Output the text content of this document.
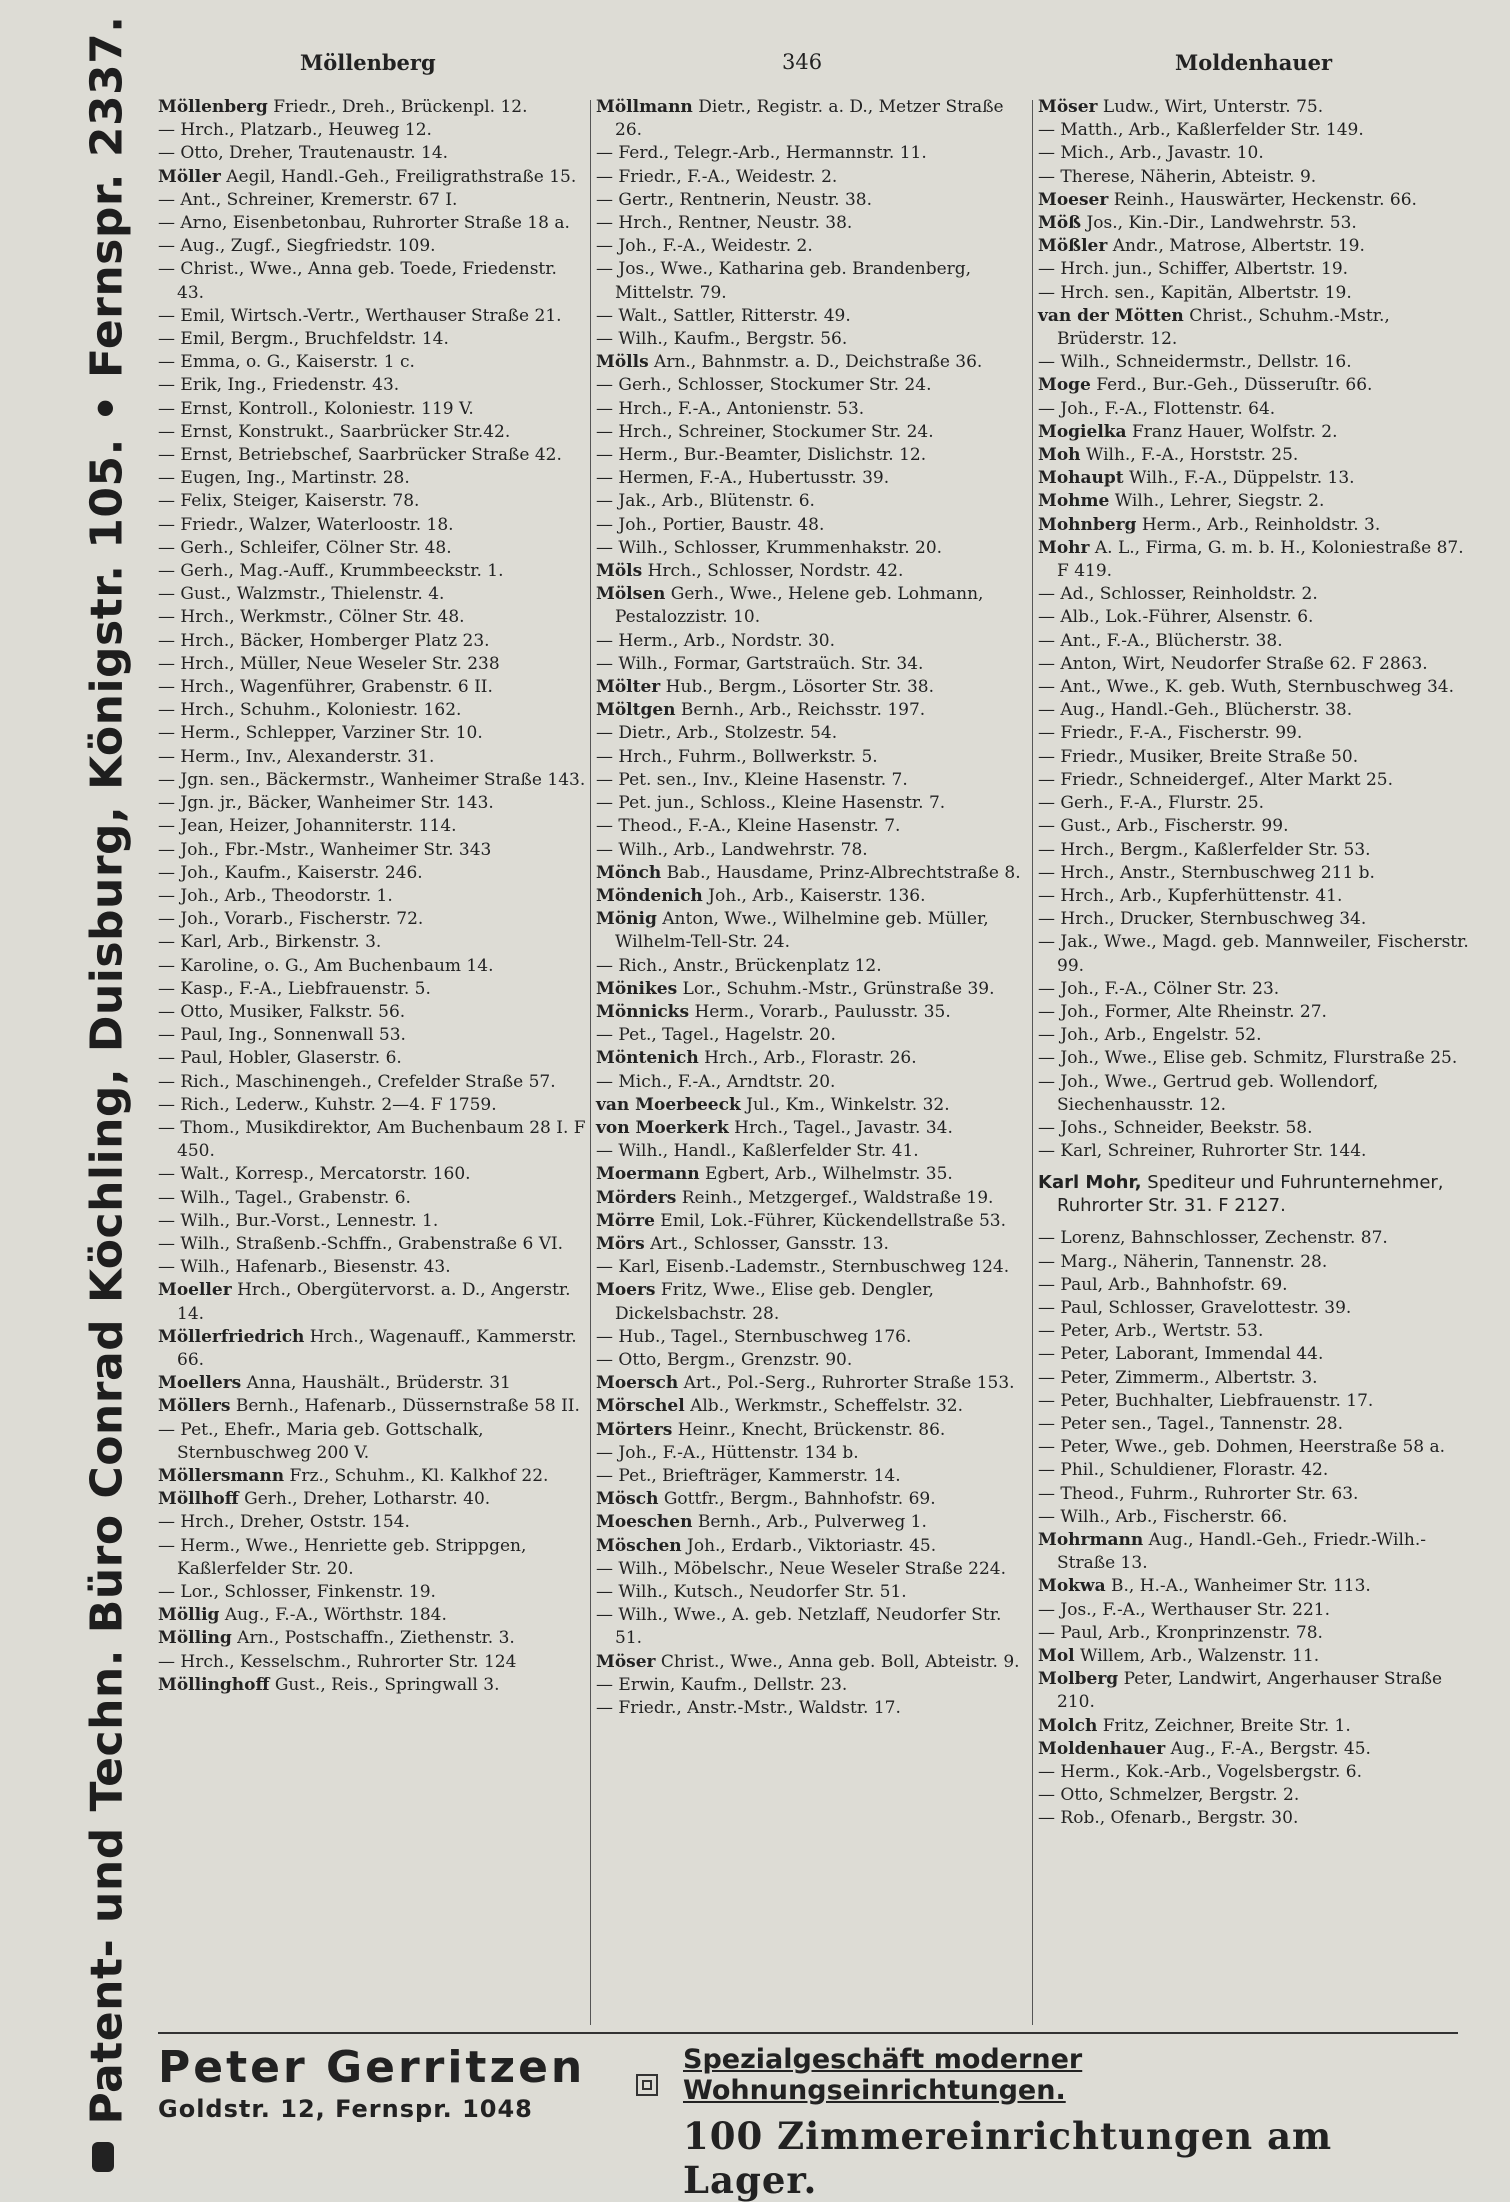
Patent- und Techn. Büro Conrad Köchling, Duisburg, Königstr. 105. • Fernspr. 2337.	Möllenberg	346	Moldenhauer
Möllenberg Friedr., Dreh., Brückenpl. 12.
— Hrch., Platzarb., Heuweg 12.
— Otto, Dreher, Trautenaustr. 14.
Möller Aegil, Handl.-Geh., Freiligrathstraße 15.
— Ant., Schreiner, Kremerstr. 67 I.
— Arno, Eisenbetonbau, Ruhrorter Straße 18 a.
— Aug., Zugf., Siegfriedstr. 109.
— Christ., Wwe., Anna geb. Toede, Friedenstr. 43.
— Emil, Wirtsch.-Vertr., Werthauser Straße 21.
— Emil, Bergm., Bruchfeldstr. 14.
— Emma, o. G., Kaiserstr. 1 c.
— Erik, Ing., Friedenstr. 43.
— Ernst, Kontroll., Koloniestr. 119 V.
— Ernst, Konstrukt., Saarbrücker Str.42.
— Ernst, Betriebschef, Saarbrücker Straße 42.
— Eugen, Ing., Martinstr. 28.
— Felix, Steiger, Kaiserstr. 78.
— Friedr., Walzer, Waterloostr. 18.
— Gerh., Schleifer, Cölner Str. 48.
— Gerh., Mag.-Auff., Krummbeeckstr. 1.
— Gust., Walzmstr., Thielenstr. 4.
— Hrch., Werkmstr., Cölner Str. 48.
— Hrch., Bäcker, Homberger Platz 23.
— Hrch., Müller, Neue Weseler Str. 238
— Hrch., Wagenführer, Grabenstr. 6 II.
— Hrch., Schuhm., Koloniestr. 162.
— Herm., Schlepper, Varziner Str. 10.
— Herm., Inv., Alexanderstr. 31.
— Jgn. sen., Bäckermstr., Wanheimer Straße 143.
— Jgn. jr., Bäcker, Wanheimer Str. 143.
— Jean, Heizer, Johanniterstr. 114.
— Joh., Fbr.-Mstr., Wanheimer Str. 343
— Joh., Kaufm., Kaiserstr. 246.
— Joh., Arb., Theodorstr. 1.
— Joh., Vorarb., Fischerstr. 72.
— Karl, Arb., Birkenstr. 3.
— Karoline, o. G., Am Buchenbaum 14.
— Kasp., F.-A., Liebfrauenstr. 5.
— Otto, Musiker, Falkstr. 56.
— Paul, Ing., Sonnenwall 53.
— Paul, Hobler, Glaserstr. 6.
— Rich., Maschinengeh., Crefelder Straße 57.
— Rich., Lederw., Kuhstr. 2—4. F 1759.
— Thom., Musikdirektor, Am Buchenbaum 28 I. F 450.
— Walt., Korresp., Mercatorstr. 160.
— Wilh., Tagel., Grabenstr. 6.
— Wilh., Bur.-Vorst., Lennestr. 1.
— Wilh., Straßenb.-Schffn., Grabenstraße 6 VI.
— Wilh., Hafenarb., Biesenstr. 43.
Moeller Hrch., Obergütervorst. a. D., Angerstr. 14.
Möllerfriedrich Hrch., Wagenauff., Kammerstr. 66.
Moellers Anna, Haushält., Brüderstr. 31
Möllers Bernh., Hafenarb., Düssernstraße 58 II.
— Pet., Ehefr., Maria geb. Gottschalk, Sternbuschweg 200 V.
Möllersmann Frz., Schuhm., Kl. Kalkhof 22.
Möllhoff Gerh., Dreher, Lotharstr. 40.
— Hrch., Dreher, Oststr. 154.
— Herm., Wwe., Henriette geb. Strippgen, Kaßlerfelder Str. 20.
— Lor., Schlosser, Finkenstr. 19.
Möllig Aug., F.-A., Wörthstr. 184.
Mölling Arn., Postschaffn., Ziethenstr. 3.
— Hrch., Kesselschm., Ruhrorter Str. 124
Möllinghoff Gust., Reis., Springwall 3.
Möllmann Dietr., Registr. a. D., Metzer Straße 26.
— Ferd., Telegr.-Arb., Hermannstr. 11.
— Friedr., F.-A., Weidestr. 2.
— Gertr., Rentnerin, Neustr. 38.
— Hrch., Rentner, Neustr. 38.
— Joh., F.-A., Weidestr. 2.
— Jos., Wwe., Katharina geb. Brandenberg, Mittelstr. 79.
— Walt., Sattler, Ritterstr. 49.
— Wilh., Kaufm., Bergstr. 56.
Mölls Arn., Bahnmstr. a. D., Deichstraße 36.
— Gerh., Schlosser, Stockumer Str. 24.
— Hrch., F.-A., Antonienstr. 53.
— Hrch., Schreiner, Stockumer Str. 24.
— Herm., Bur.-Beamter, Dislichstr. 12.
— Hermen, F.-A., Hubertusstr. 39.
— Jak., Arb., Blütenstr. 6.
— Joh., Portier, Baustr. 48.
— Wilh., Schlosser, Krummenhakstr. 20.
Möls Hrch., Schlosser, Nordstr. 42.
Mölsen Gerh., Wwe., Helene geb. Lohmann, Pestalozzistr. 10.
— Herm., Arb., Nordstr. 30.
— Wilh., Formar, Gartstraüch. Str. 34.
Mölter Hub., Bergm., Lösorter Str. 38.
Möltgen Bernh., Arb., Reichsstr. 197.
— Dietr., Arb., Stolzestr. 54.
— Hrch., Fuhrm., Bollwerkstr. 5.
— Pet. sen., Inv., Kleine Hasenstr. 7.
— Pet. jun., Schloss., Kleine Hasenstr. 7.
— Theod., F.-A., Kleine Hasenstr. 7.
— Wilh., Arb., Landwehrstr. 78.
Mönch Bab., Hausdame, Prinz-Albrechtstraße 8.
Möndenich Joh., Arb., Kaiserstr. 136.
Mönig Anton, Wwe., Wilhelmine geb. Müller, Wilhelm-Tell-Str. 24.
— Rich., Anstr., Brückenplatz 12.
Mönikes Lor., Schuhm.-Mstr., Grünstraße 39.
Mönnicks Herm., Vorarb., Paulusstr. 35.
— Pet., Tagel., Hagelstr. 20.
Möntenich Hrch., Arb., Florastr. 26.
— Mich., F.-A., Arndtstr. 20.
van Moerbeeck Jul., Km., Winkelstr. 32.
von Moerkerk Hrch., Tagel., Javastr. 34.
— Wilh., Handl., Kaßlerfelder Str. 41.
Moermann Egbert, Arb., Wilhelmstr. 35.
Mörders Reinh., Metzgergef., Waldstraße 19.
Mörre Emil, Lok.-Führer, Kückendellstraße 53.
Mörs Art., Schlosser, Gansstr. 13.
— Karl, Eisenb.-Lademstr., Sternbuschweg 124.
Moers Fritz, Wwe., Elise geb. Dengler, Dickelsbachstr. 28.
— Hub., Tagel., Sternbuschweg 176.
— Otto, Bergm., Grenzstr. 90.
Moersch Art., Pol.-Serg., Ruhrorter Straße 153.
Mörschel Alb., Werkmstr., Scheffelstr. 32.
Mörters Heinr., Knecht, Brückenstr. 86.
— Joh., F.-A., Hüttenstr. 134 b.
— Pet., Briefträger, Kammerstr. 14.
Mösch Gottfr., Bergm., Bahnhofstr. 69.
Moeschen Bernh., Arb., Pulverweg 1.
Möschen Joh., Erdarb., Viktoriastr. 45.
— Wilh., Möbelschr., Neue Weseler Straße 224.
— Wilh., Kutsch., Neudorfer Str. 51.
— Wilh., Wwe., A. geb. Netzlaff, Neudorfer Str. 51.
Möser Christ., Wwe., Anna geb. Boll, Abteistr. 9.
— Erwin, Kaufm., Dellstr. 23.
— Friedr., Anstr.-Mstr., Waldstr. 17.
Möser Ludw., Wirt, Unterstr. 75.
— Matth., Arb., Kaßlerfelder Str. 149.
— Mich., Arb., Javastr. 10.
— Therese, Näherin, Abteistr. 9.
Moeser Reinh., Hauswärter, Heckenstr. 66.
Möß Jos., Kin.-Dir., Landwehrstr. 53.
Mößler Andr., Matrose, Albertstr. 19.
— Hrch. jun., Schiffer, Albertstr. 19.
— Hrch. sen., Kapitän, Albertstr. 19.
van der Mötten Christ., Schuhm.-Mstr., Brüderstr. 12.
— Wilh., Schneidermstr., Dellstr. 16.
Moge Ferd., Bur.-Geh., Düsseruſtr. 66.
— Joh., F.-A., Flottenstr. 64.
Mogielka Franz Hauer, Wolfstr. 2.
Moh Wilh., F.-A., Horststr. 25.
Mohaupt Wilh., F.-A., Düppelstr. 13.
Mohme Wilh., Lehrer, Siegstr. 2.
Mohnberg Herm., Arb., Reinholdstr. 3.
Mohr A. L., Firma, G. m. b. H., Koloniestraße 87. F 419.
— Ad., Schlosser, Reinholdstr. 2.
— Alb., Lok.-Führer, Alsenstr. 6.
— Ant., F.-A., Blücherstr. 38.
— Anton, Wirt, Neudorfer Straße 62. F 2863.
— Ant., Wwe., K. geb. Wuth, Sternbuschweg 34.
— Aug., Handl.-Geh., Blücherstr. 38.
— Friedr., F.-A., Fischerstr. 99.
— Friedr., Musiker, Breite Straße 50.
— Friedr., Schneidergef., Alter Markt 25.
— Gerh., F.-A., Flurstr. 25.
— Gust., Arb., Fischerstr. 99.
— Hrch., Bergm., Kaßlerfelder Str. 53.
— Hrch., Anstr., Sternbuschweg 211 b.
— Hrch., Arb., Kupferhüttenstr. 41.
— Hrch., Drucker, Sternbuschweg 34.
— Jak., Wwe., Magd. geb. Mannweiler, Fischerstr. 99.
— Joh., F.-A., Cölner Str. 23.
— Joh., Former, Alte Rheinstr. 27.
— Joh., Arb., Engelstr. 52.
— Joh., Wwe., Elise geb. Schmitz, Flurstraße 25.
— Joh., Wwe., Gertrud geb. Wollendorf, Siechenhausstr. 12.
— Johs., Schneider, Beekstr. 58.
— Karl, Schreiner, Ruhrorter Str. 144.
Karl Mohr, Spediteur und Fuhrunternehmer, Ruhrorter Str. 31. F 2127.
— Lorenz, Bahnschlosser, Zechenstr. 87.
— Marg., Näherin, Tannenstr. 28.
— Paul, Arb., Bahnhofstr. 69.
— Paul, Schlosser, Gravelottestr. 39.
— Peter, Arb., Wertstr. 53.
— Peter, Laborant, Immendal 44.
— Peter, Zimmerm., Albertstr. 3.
— Peter, Buchhalter, Liebfrauenstr. 17.
— Peter sen., Tagel., Tannenstr. 28.
— Peter, Wwe., geb. Dohmen, Heerstraße 58 a.
— Phil., Schuldiener, Florastr. 42.
— Theod., Fuhrm., Ruhrorter Str. 63.
— Wilh., Arb., Fischerstr. 66.
Mohrmann Aug., Handl.-Geh., Friedr.-Wilh.-Straße 13.
Mokwa B., H.-A., Wanheimer Str. 113.
— Jos., F.-A., Werthauser Str. 221.
— Paul, Arb., Kronprinzenstr. 78.
Mol Willem, Arb., Walzenstr. 11.
Molberg Peter, Landwirt, Angerhauser Straße 210.
Molch Fritz, Zeichner, Breite Str. 1.
Moldenhauer Aug., F.-A., Bergstr. 45.
— Herm., Kok.-Arb., Vogelsbergstr. 6.
— Otto, Schmelzer, Bergstr. 2.
— Rob., Ofenarb., Bergstr. 30.
Peter Gerritzen
Goldstr. 12, Fernspr. 1048
Spezialgeschäft moderner Wohnungseinrichtungen.
100 Zimmereinrichtungen am Lager.
